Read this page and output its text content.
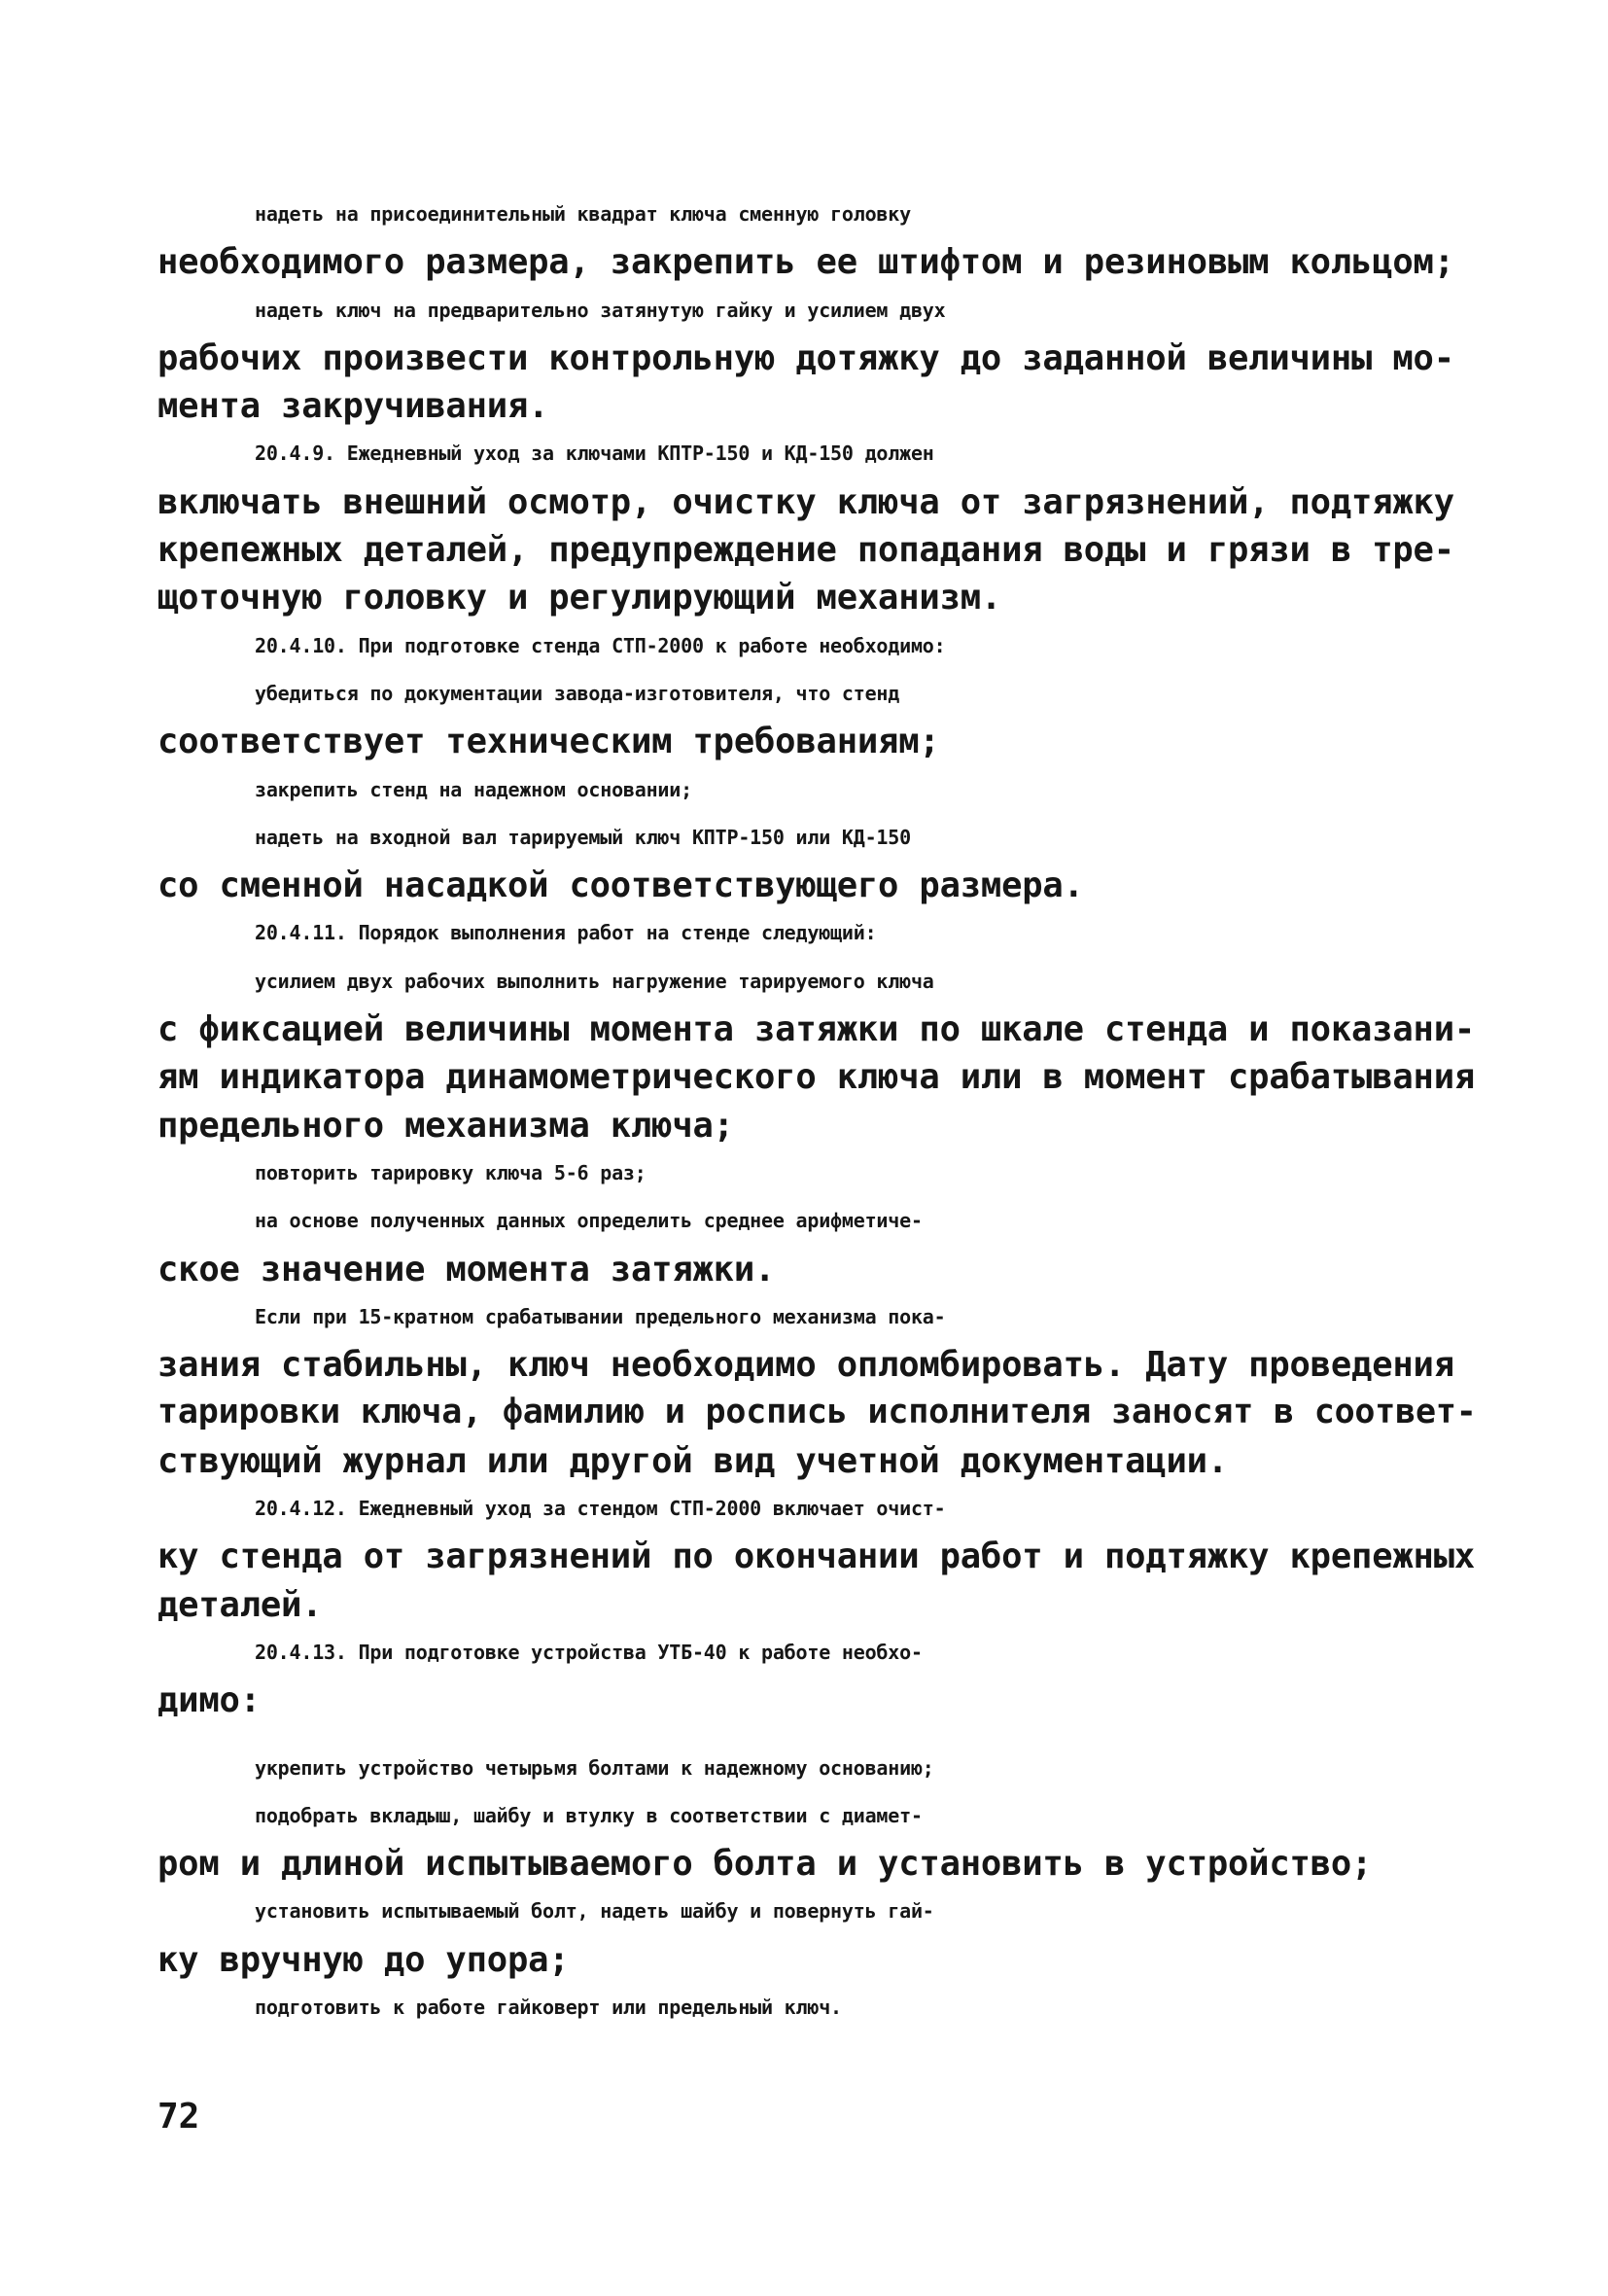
надеть на присоединительный квадрат ключа сменную головку
необходимого размера, закрепить ее штифтом и резиновым кольцом;
надеть ключ на предварительно затянутую гайку и усилием двух
рабочих произвести контрольную дотяжку до заданной величины мо-
мента закручивания.
20.4.9. Ежедневный уход за ключами КПТР-150 и КД-150 должен
включать внешний осмотр, очистку ключа от загрязнений, подтяжку
крепежных деталей, предупреждение попадания воды и грязи в тре-
щоточную головку и регулирующий механизм.
20.4.10. При подготовке стенда СТП-2000 к работе необходимо:
убедиться по документации завода-изготовителя, что стенд
соответствует техническим требованиям;
закрепить стенд на надежном основании;
надеть на входной вал тарируемый ключ КПТР-150 или КД-150
со сменной насадкой соответствующего размера.
20.4.11. Порядок выполнения работ на стенде следующий:
усилием двух рабочих выполнить нагружение тарируемого ключа
с фиксацией величины момента затяжки по шкале стенда и показани-
ям индикатора динамометрического ключа или в момент срабатывания
предельного механизма ключа;
повторить тарировку ключа 5-6 раз;
на основе полученных данных определить среднее арифметиче-
ское значение момента затяжки.
Если при 15-кратном срабатывании предельного механизма пока-
зания стабильны, ключ необходимо опломбировать. Дату проведения
тарировки ключа, фамилию и роспись исполнителя заносят в соответ-
ствующий журнал или другой вид учетной документации.
20.4.12. Ежедневный уход за стендом СТП-2000 включает очист-
ку стенда от загрязнений по окончании работ и подтяжку крепежных
деталей.
20.4.13. При подготовке устройства УТБ-40 к работе необхо-
димо:
укрепить устройство четырьмя болтами к надежному основанию;
подобрать вкладыш, шайбу и втулку в соответствии с диамет-
ром и длиной испытываемого болта и установить в устройство;
установить испытываемый болт, надеть шайбу и повернуть гай-
ку вручную до упора;
подготовить к работе гайковерт или предельный ключ.
72
